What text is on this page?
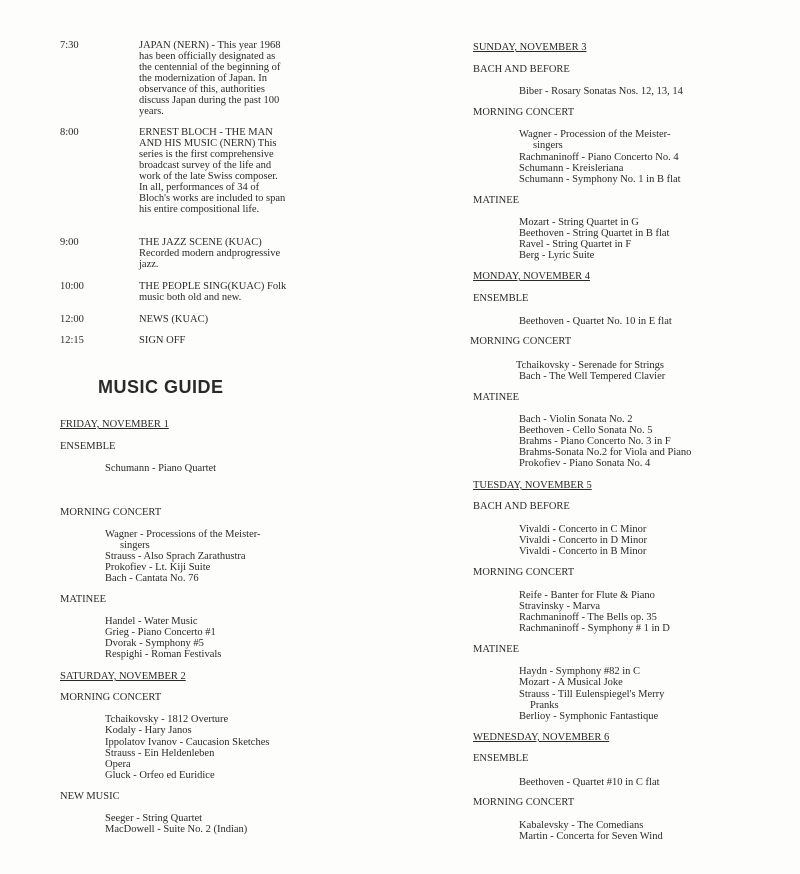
7:30	JAPAN (NERN) - This year 1968 has been officially designated as the centennial of the beginning of the modernization of Japan. In observance of this, authorities discuss Japan during the past 100 years.
8:00	ERNEST BLOCH - THE MAN AND HIS MUSIC (NERN) This series is the first comprehensive broadcast survey of the life and work of the late Swiss composer. In all, performances of 34 of Bloch's works are included to span his entire compositional life.
9:00	THE JAZZ SCENE (KUAC) Recorded modern andprogressive jazz.
10:00	THE PEOPLE SING(KUAC) Folk music both old and new.
12:00	NEWS (KUAC)
12:15	SIGN OFF
MUSIC GUIDE
FRIDAY, NOVEMBER 1
ENSEMBLE
Schumann - Piano Quartet
MORNING CONCERT
Wagner - Processions of the Meister-
singers
Strauss - Also Sprach Zarathustra
Prokofiev - Lt. Kiji Suite
Bach - Cantata No. 76
MATINEE
Handel - Water Music
Grieg - Piano Concerto #1
Dvorak - Symphony #5
Respighi - Roman Festivals
SATURDAY, NOVEMBER 2
MORNING CONCERT
Tchaikovsky - 1812 Overture
Kodaly - Hary Janos
Ippolatov Ivanov - Caucasion Sketches
Strauss - Ein Heldenleben
Opera
Gluck - Orfeo ed Euridice
NEW MUSIC
Seeger - String Quartet
MacDowell - Suite No. 2 (Indian)
SUNDAY, NOVEMBER 3
BACH AND BEFORE
Biber - Rosary Sonatas Nos. 12, 13, 14
MORNING CONCERT
Wagner - Procession of the Meister-
singers
Rachmaninoff - Piano Concerto No. 4
Schumann - Kreisleriana
Schumann - Symphony No. 1 in B flat
MATINEE
Mozart - String Quartet in G
Beethoven - String Quartet in B flat
Ravel - String Quartet in F
Berg - Lyric Suite
MONDAY, NOVEMBER 4
ENSEMBLE
Beethoven - Quartet No. 10 in E flat
MORNING CONCERT
Tchaikovsky - Serenade for Strings
Bach - The Well Tempered Clavier
MATINEE
Bach - Violin Sonata No. 2
Beethoven - Cello Sonata No. 5
Brahms - Piano Concerto No. 3 in F
Brahms-Sonata No.2 for Viola and Piano
Prokofiev - Piano Sonata No. 4
TUESDAY, NOVEMBER 5
BACH AND BEFORE
Vivaldi - Concerto in C Minor
Vivaldi - Concerto in D Minor
Vivaldi - Concerto in B Minor
MORNING CONCERT
Reife - Banter for Flute & Piano
Stravinsky - Marva
Rachmaninoff - The Bells op. 35
Rachmaninoff - Symphony # 1 in D
MATINEE
Haydn - Symphony #82 in C
Mozart - A Musical Joke
Strauss - Till Eulenspiegel's Merry
Pranks
Berlioy - Symphonic Fantastique
WEDNESDAY, NOVEMBER 6
ENSEMBLE
Beethoven - Quartet #10 in C flat
MORNING CONCERT
Kabalevsky - The Comedians
Martin - Concerta for Seven Wind
